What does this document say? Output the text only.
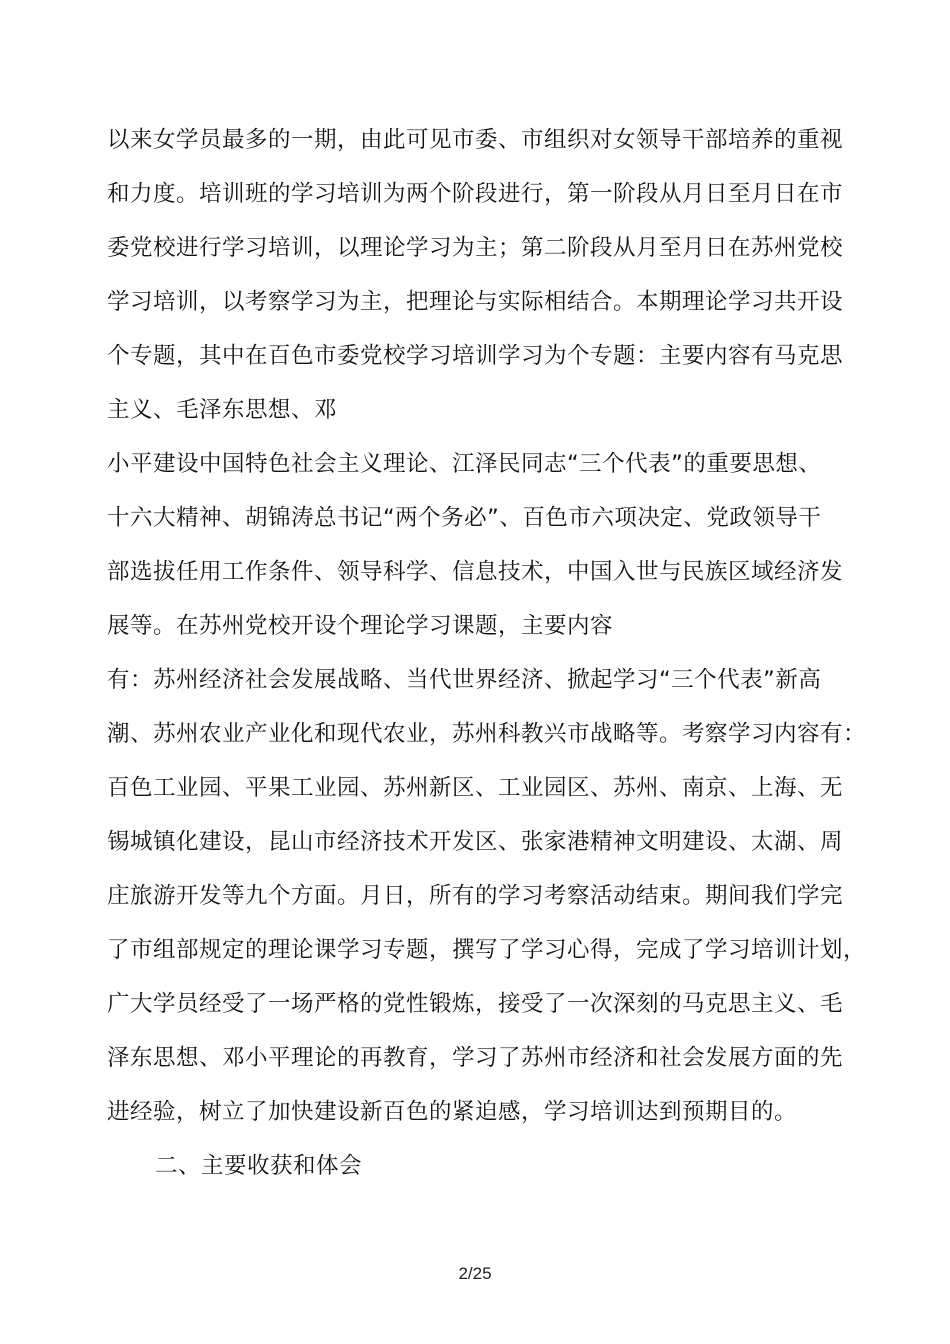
以来女学员最多的一期，由此可见市委、市组织对女领导干部培养的重视
和力度。培训班的学习培训为两个阶段进行，第一阶段从月日至月日在市
委党校进行学习培训，以理论学习为主；第二阶段从月至月日在苏州党校
学习培训，以考察学习为主，把理论与实际相结合。本期理论学习共开设
个专题，其中在百色市委党校学习培训学习为个专题：主要内容有马克思
主义、毛泽东思想、邓
小平建设中国特色社会主义理论、江泽民同志“三个代表”的重要思想、
十六大精神、胡锦涛总书记“两个务必”、百色市六项决定、党政领导干
部选拔任用工作条件、领导科学、信息技术，中国入世与民族区域经济发
展等。在苏州党校开设个理论学习课题，主要内容
有：苏州经济社会发展战略、当代世界经济、掀起学习“三个代表”新高
潮、苏州农业产业化和现代农业，苏州科教兴市战略等。考察学习内容有：
百色工业园、平果工业园、苏州新区、工业园区、苏州、南京、上海、无
锡城镇化建设，昆山市经济技术开发区、张家港精神文明建设、太湖、周
庄旅游开发等九个方面。月日，所有的学习考察活动结束。期间我们学完
了市组部规定的理论课学习专题，撰写了学习心得，完成了学习培训计划，
广大学员经受了一场严格的党性锻炼，接受了一次深刻的马克思主义、毛
泽东思想、邓小平理论的再教育，学习了苏州市经济和社会发展方面的先
进经验，树立了加快建设新百色的紧迫感，学习培训达到预期目的。
二、主要收获和体会
2/25
